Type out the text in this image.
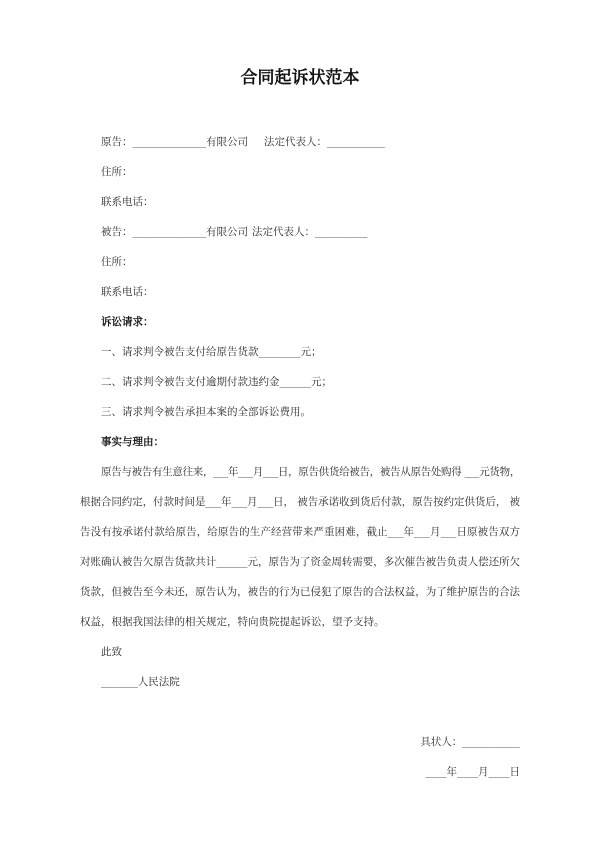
合同起诉状范本
原告：______________有限公司 法定代表人：___________
住所：
联系电话：
被告：______________有限公司 法定代表人：__________
住所：
联系电话：
诉讼请求：
一、请求判令被告支付给原告货款________元；
二、请求判令被告支付逾期付款违约金______元；
三、请求判令被告承担本案的全部诉讼费用。
事实与理由：
原告与被告有生意往来，___年___月___日，原告供货给被告，被告从原告处购得 ___元货物，
根据合同约定，付款时间是___年___月___日， 被告承诺收到货后付款，原告按约定供货后， 被
告没有按承诺付款给原告，给原告的生产经营带来严重困难，截止___年___月___日原被告双方
对账确认被告欠原告货款共计______元，原告为了资金周转需要，多次催告被告负责人偿还所欠
货款，但被告至今未还，原告认为，被告的行为已侵犯了原告的合法权益，为了维护原告的合法
权益，根据我国法律的相关规定，特向贵院提起诉讼，望予支持。
此致
_______人民法院
具状人：___________
____年____月____日
